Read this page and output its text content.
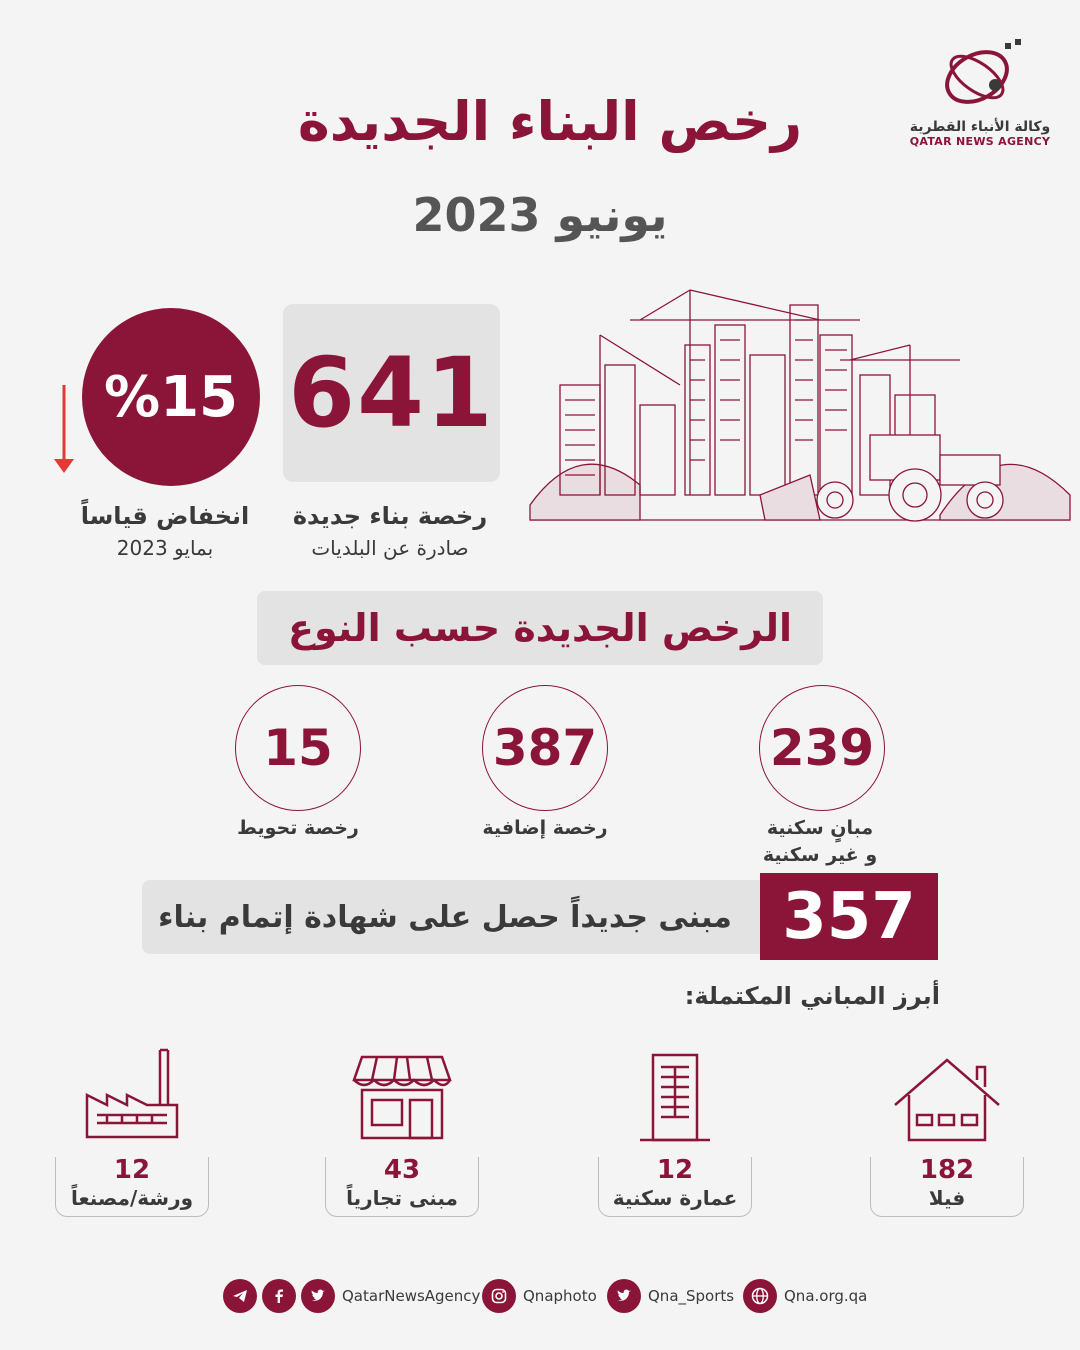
وكالة الأنباء القطرية
QATAR NEWS AGENCY
رخص البناء الجديدة
يونيو 2023
641
رخصة بناء جديدة
صادرة عن البلديات
%15
انخفاض قياساً
بمايو 2023
الرخص الجديدة حسب النوع
239
مبانٍ سكنية
و غير سكنية
387
رخصة إضافية
15
رخصة تحويط
مبنى جديداً حصل على شهادة إتمام بناء 357
أبرز المباني المكتملة:
182
فيلا
12
عمارة سكنية
43
مبنى تجارياً
12
ورشة/مصنعاً
QatarNewsAgency	Qnaphoto	Qna_Sports	Qna.org.qa
